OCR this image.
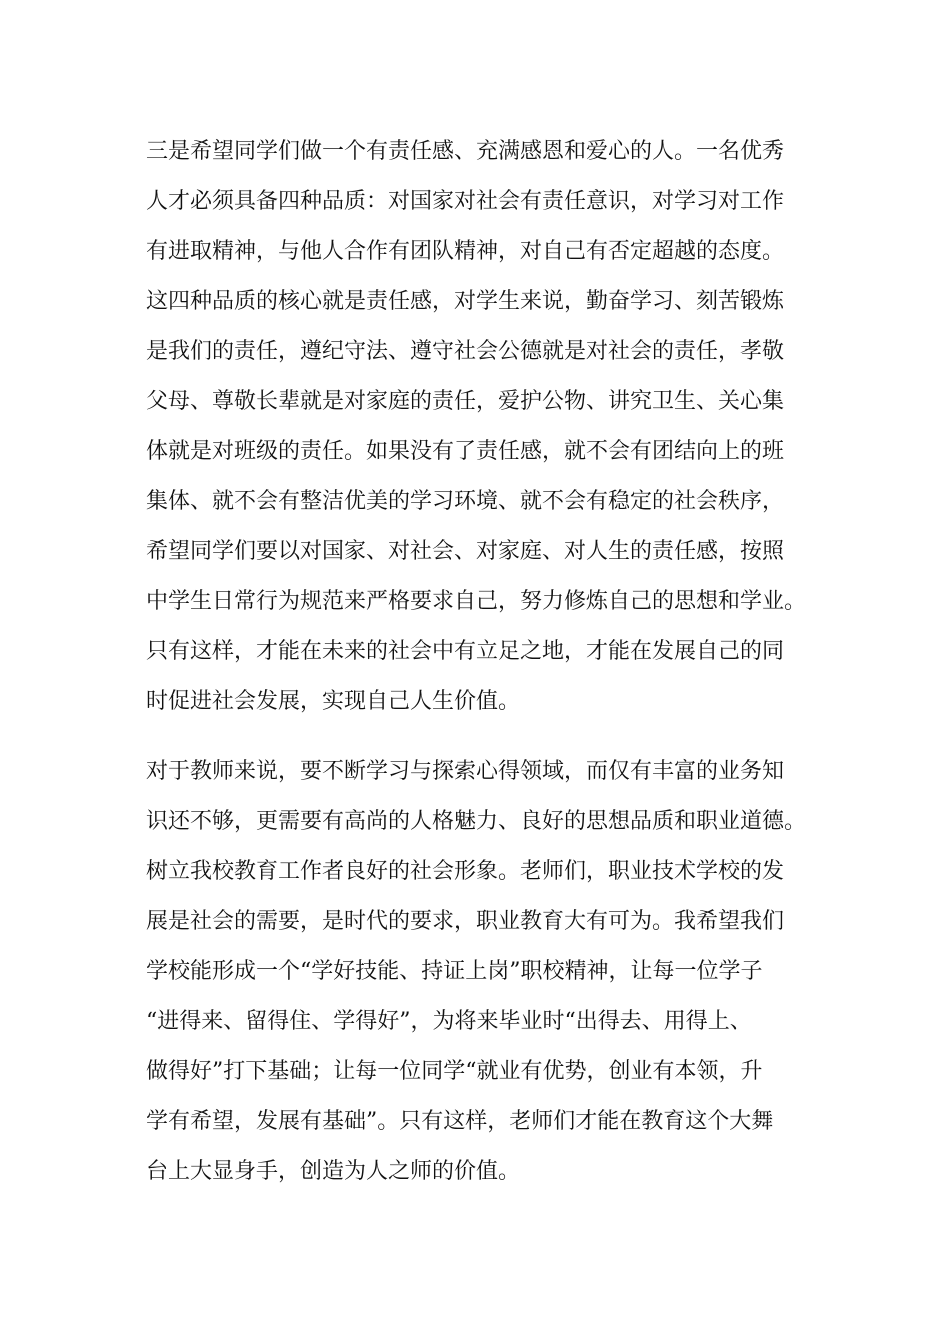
三是希望同学们做一个有责任感、充满感恩和爱心的人。一名优秀
人才必须具备四种品质：对国家对社会有责任意识，对学习对工作
有进取精神，与他人合作有团队精神，对自己有否定超越的态度。
这四种品质的核心就是责任感，对学生来说，勤奋学习、刻苦锻炼
是我们的责任，遵纪守法、遵守社会公德就是对社会的责任，孝敬
父母、尊敬长辈就是对家庭的责任，爱护公物、讲究卫生、关心集
体就是对班级的责任。如果没有了责任感，就不会有团结向上的班
集体、就不会有整洁优美的学习环境、就不会有稳定的社会秩序，
希望同学们要以对国家、对社会、对家庭、对人生的责任感，按照
中学生日常行为规范来严格要求自己，努力修炼自己的思想和学业。
只有这样，才能在未来的社会中有立足之地，才能在发展自己的同
时促进社会发展，实现自己人生价值。
对于教师来说，要不断学习与探索心得领域，而仅有丰富的业务知
识还不够，更需要有高尚的人格魅力、良好的思想品质和职业道德。
树立我校教育工作者良好的社会形象。老师们，职业技术学校的发
展是社会的需要，是时代的要求，职业教育大有可为。我希望我们
学校能形成一个“学好技能、持证上岗”职校精神，让每一位学子
“进得来、留得住、学得好”，为将来毕业时“出得去、用得上、
做得好”打下基础；让每一位同学“就业有优势，创业有本领，升
学有希望，发展有基础”。只有这样，老师们才能在教育这个大舞
台上大显身手，创造为人之师的价值。
